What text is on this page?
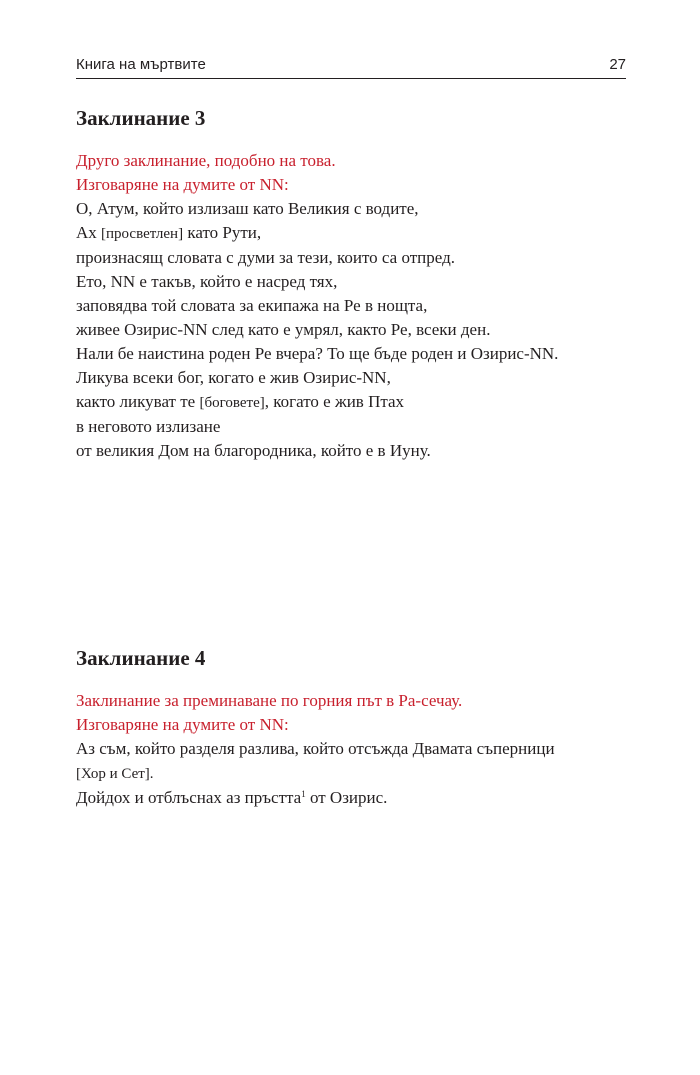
Книга на мъртвите	27
Заклинание 3
Друго заклинание, подобно на това.
Изговаряне на думите от NN:
О, Атум, който излизаш като Великия с водите,
Ах [просветлен] като Рути,
произнасящ словата с думи за тези, които са отпред.
Ето, NN е такъв, който е насред тях,
заповядва той словата за екипажа на Ре в нощта,
живее Озирис-NN след като е умрял, както Ре, всеки ден.
Нали бе наистина роден Ре вчера? То ще бъде роден и Озирис-NN.
Ликува всеки бог, когато е жив Озирис-NN,
както ликуват те [боговете], когато е жив Птах
в неговото излизане
от великия Дом на благородника, който е в Иуну.
Заклинание 4
Заклинание за преминаване по горния път в Ра-сечау.
Изговаряне на думите от NN:
Аз съм, който разделя разлива, който отсъжда Двамата съперници
[Хор и Сет].
Дойдох и отблъснах аз пръстта$^1$ от Озирис.
